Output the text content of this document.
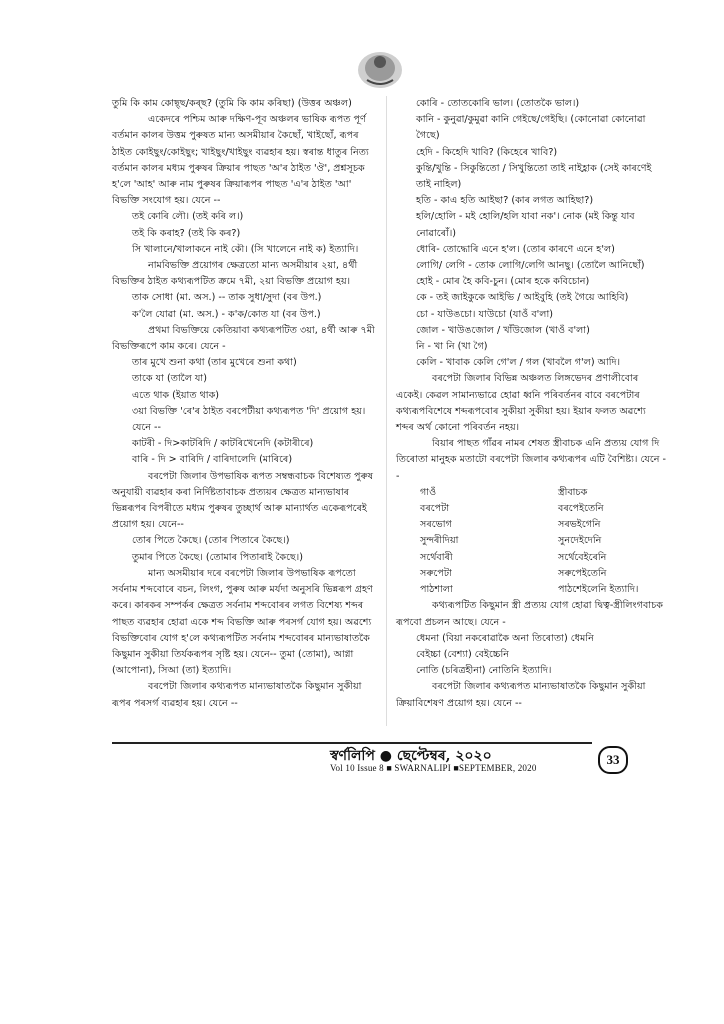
তুমি কি কাম কোছ্ছ/কৰ্‌ছ? (তুমি কি কাম কৰিছা) (উত্তৰ অঞ্চল)

একেদৰে পশ্চিম আৰু দক্ষিণ-পূব অঞ্চলৰ ভাষিক ৰূপত পূৰ্ণ বৰ্তমান কালৰ উত্তম পুৰুষত মান্য অসমীয়াৰ কৈছোঁ, খাইছোঁ, ৰূপৰ ঠাইত কোইছুং/কোইছুং; খাইছুং/খাইছুং ব্যৱহাৰ হয়। স্বৰান্ত ধাতুৰ নিত্য বৰ্তমান কালৰ মধ্যম পুৰুষৰ ক্ৰিয়াৰ পাছত 'অ'ৰ ঠাইত 'ঔ', প্ৰশ্নসূচক হ'লে 'আহ' আৰু নাম পুৰুষৰ ক্ৰিয়াৰূপৰ পাছত 'এ'ৰ ঠাইত 'আ' বিভক্তি সংযোগ হয়। যেনে --

তই কোৰি লৌ। (তই কৰি ল।)

তই কি কৰাহ? (তই কি কৰ?)

সি খালানে/খালাকনে নাই কৌ। (সি খালেনে নাই ক) ইত্যাদি।

নামবিভক্তি প্ৰয়োগৰ ক্ষেত্ৰতো মান্য অসমীয়াৰ ২য়া, ৪ৰ্থী বিভক্তিৰ ঠাইত কথ্যৰূপটিত ক্ৰমে ৭মী, ২য়া বিভক্তি প্ৰয়োগ হয়।

তাক সোধা (মা. অস.) -- তাক সুধা/সুদা (বৰ উপ.)

ক'লৈ যোৱা (মা. অস.) - ক'ক/কোত যা (বৰ উপ.)

প্ৰথমা বিভক্তিয়ে কেতিয়াবা কথ্যৰূপটিত ৩য়া, ৪ৰ্থী আৰু ৭মী বিভক্তিৰূপে কাম কৰে। যেনে -

তাৰ মুখে শুনা কথা (তাৰ মুখেৰে শুনা কথা)

তাকে যা (তালৈ যা)

এতে থাক (ইয়াত থাক)

৩য়া বিভক্তি 'ৰে'ৰ ঠাইত বৰপেটীয়া কথ্যৰূপত 'দি' প্ৰয়োগ হয়। যেনে --

কাটৰী - দি>কাটৰিদি / কাটৰিখেনেদি (কটাৰীৰে)

বাৰি - দি > বাৰিদি / বাৰিদালেদি (মাৰিৰে)

বৰপেটা জিলাৰ উপভাষিক ৰূপত সম্বন্ধবাচক বিশেষ্যত পুৰুষ অনুযায়ী ব্যৱহাৰ কৰা নিৰ্দিষ্টতাবাচক প্ৰত্যয়ৰ ক্ষেত্ৰত মান্যভাষাৰ ভিন্নৰূপৰ বিপৰীতে মধ্যম পুৰুষৰ তুচ্ছাৰ্থ আৰু মান্যাৰ্থত একেৰূপৰেই প্ৰয়োগ হয়। যেনে--

তোৰ পিতে কৈছে। (তোৰ পিতাৰে কৈছে।)

তুমাৰ পিতে কৈছে। (তোমাৰ পিতাৰাই কৈছে।)

মান্য অসমীয়াৰ দৰে বৰপেটা জিলাৰ উপভাষিক ৰূপতো সৰ্বনাম শব্দবোৰে বচন, লিংগ, পুৰুষ আৰু মৰ্যদা অনুসৰি ভিন্নৰূপ গ্ৰহণ কৰে। কাৰকৰ সম্পৰ্কৰ ক্ষেত্ৰত সৰ্বনাম শব্দবোৰৰ লগত বিশেষ্য শব্দৰ পাছত ব্যৱহাৰ হোৱা একে শব্দ বিভক্তি আৰু পৰসৰ্গ যোগ হয়। অৱশ্যে বিভক্তিবোৰ যোগ হ'লে কথ্যৰূপটিত সৰ্বনাম শব্দবোৰৰ মান্যভাষাতকৈ কিছুমান সুকীয়া তিৰ্যকৰূপৰ সৃষ্টি হয়। যেনে-- তুমা (তোমা), আগ্না (আপোনা), সিআ (তা) ইত্যাদি।

বৰপেটা জিলাৰ কথ্যৰূপত মান্যভাষাতকৈ কিছুমান সুকীয়া ৰূপৰ পৰসৰ্গ ব্যৱহাৰ হয়। যেনে --

কোৰি - তোতকোৰি ভাল। (তোতকৈ ভাল।)

কানি - কুনুৱা/কুমুৱা কানি গেইছে/গেইছি। (কোনোৱা কোনোৱা গৈছে)

হেদি - কিহেদি খাবি? (কিহেৰে খাবি?)

কুন্তি/খুন্তি - সিকুন্তিতো / সিখুন্তিতো তাই নাইহ্লাক (সেই কাৰণেই তাই নাহিল)

হতি - কাএ হতি আইছা? (কাৰ লগত আহিছা?)

হলি/হোলি - মই হোলি/হলি যাবা নক'। নোক (মই কিন্তু যাব নোৱাৰোঁ।)

ধোৰি- তোদ্ধোৰি এনে হ'ল। (তোৰ কাৰণে এনে হ'ল)

লোগি/ লেগি - তোক লোগি/লেগি আনছু। (তোলৈ আনিছোঁ)

হোই - মোৰ হৈ কবি-চুন। (মোৰ হকে কবিচোন)

কে - তই জাইকুকে আইভি / আইবুহি (তই গৈয়ে আহিবি)

চো - যাউঙচো। যাউচো (যাওঁ ব'লা)

জোল - খাউঙজোল / খাঁউজোল (খাওঁ ব'লা)

নি - খা নি (খা গৈ)

কেলি - খাবাক কেলি গে'ল / গল (খাবলৈ গ'ল) আদি।

বৰপেটা জিলাৰ বিভিন্ন অঞ্চলত লিঙ্গভেদৰ প্ৰণালীবোৰ একেই। কেৱল সামান্যভাৱে হোৱা ধ্বনি পৰিবৰ্তনৰ বাবে বৰপেটাৰ কথ্যৰূপবিশেষে শব্দৰূপবোৰ সুকীয়া সুকীয়া হয়। ইয়াৰ ফলত অৱশ্যে শব্দৰ অৰ্থ কোনো পৰিবৰ্তন নহয়।

বিয়াৰ পাছত গাঁৱৰ নামৰ শেষত স্ত্ৰীবাচক এনি প্ৰত্যয় যোগ দি তিৰোতা মানুহক মতাটো বৰপেটা জিলাৰ কথ্যৰূপৰ এটি বৈশিষ্ট্য। যেনে --

গাওঁ	স্ত্ৰীবাচক
বৰপেটা	বৰপেইতেনি
সৰভোগ	সৰভইগেনি
সুন্দৰীদিয়া	সুনদেইদেনি
সৰ্থেবাৰী	সৰ্থেবেইৰেনি
সৰুপেটা	সৰুপেইতেনি
পাঠশালা	পাঠশেইলেনি ইত্যাদি।

কথ্যৰূপটিত কিছুমান স্ত্ৰী প্ৰত্যয় যোগ হোৱা দ্বিত্ব-স্ত্ৰীলিংগবাচক ৰূপবো প্ৰচলন আছে। যেনে -

ধেমনা (বিয়া নকৰোৱাকৈ অনা তিৰোতা) ধেমনি

বেইচ্চা (বেশ্যা) বেইচ্চেনি

নোতি (চৰিত্ৰহীনা) নোতিনি ইত্যাদি।

বৰপেটা জিলাৰ কথ্যৰূপত মান্যভাষাতকৈ কিছুমান সুকীয়া ক্ৰিয়াবিশেষণ প্ৰয়োগ হয়। যেনে --

স্বৰ্ণলিপি ● ছেপ্টেম্বৰ, ২০২০
Vol 10 Issue 8 ■ SWARNALIPI ■SEPTEMBER, 2020
33
